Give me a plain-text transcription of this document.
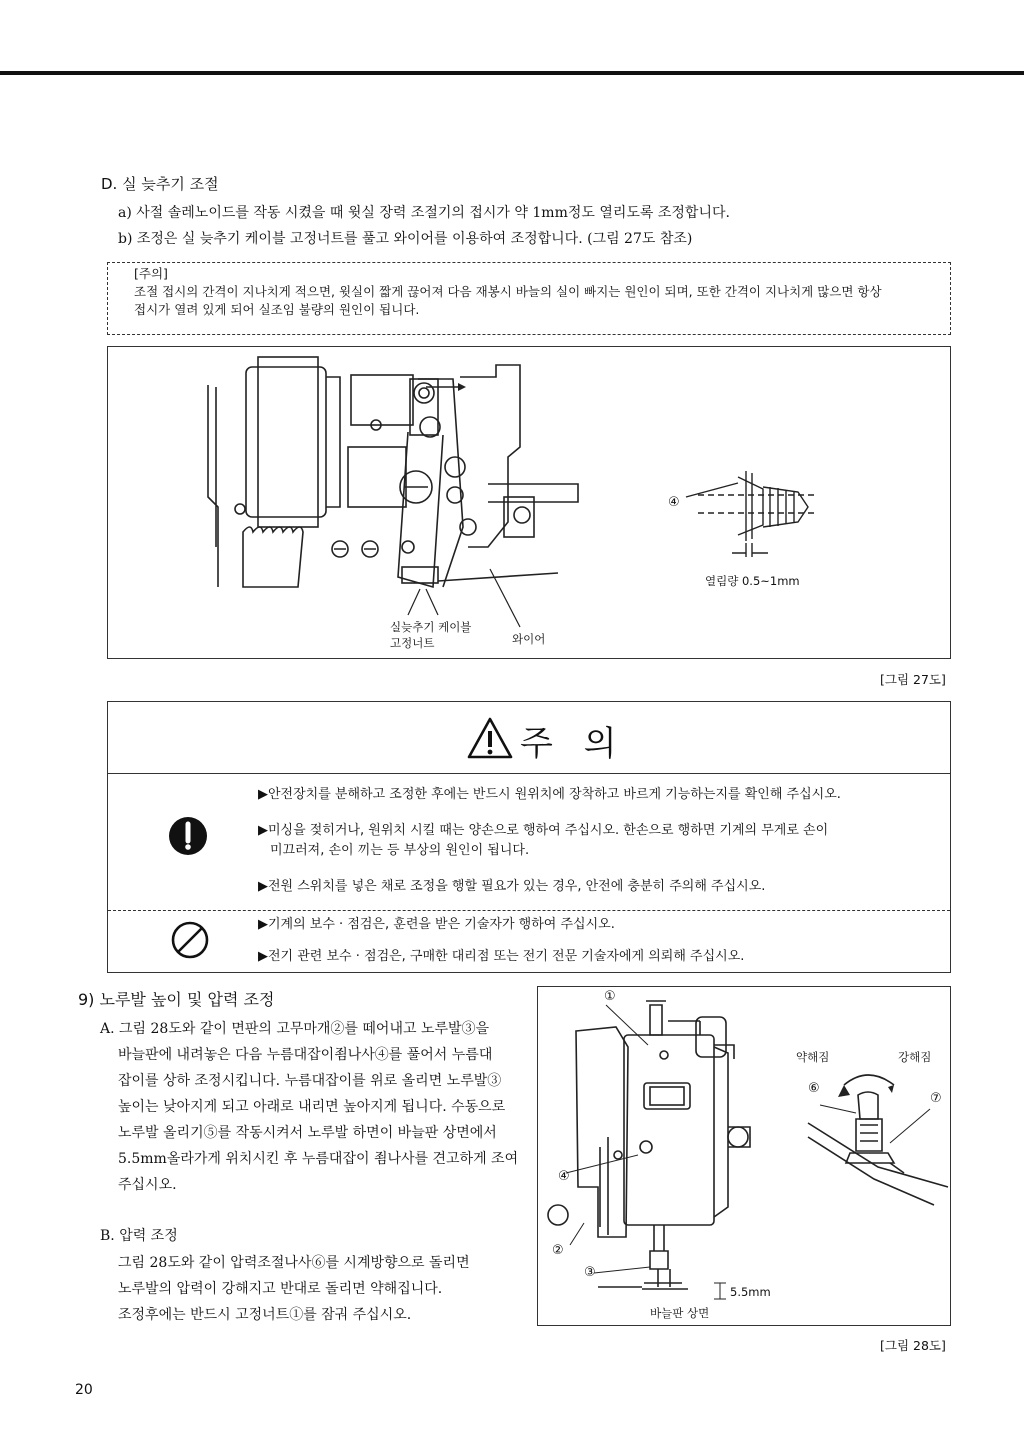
D. 실 늦추기 조절
a) 사절 솔레노이드를 작동 시켰을 때 윗실 장력 조절기의 접시가 약 1mm정도 열리도록 조정합니다.
b) 조정은 실 늦추기 케이블 고정너트를 풀고 와이어를 이용하여 조정합니다. (그림 27도 참조)
[주의]
조절 접시의 간격이 지나치게 적으면, 윗실이 짧게 끊어져 다음 재봉시 바늘의 실이 빠지는 원인이 되며, 또한 간격이 지나치게 많으면 항상
접시가 열려 있게 되어 실조임 불량의 원인이 됩니다.
④
열림량 0.5~1mm
실늦추기 케이블
고정너트	와이어
[그림 27도]
주 의
▶안전장치를 분해하고 조정한 후에는 반드시 원위치에 장착하고 바르게 기능하는지를 확인해 주십시오.
▶미싱을 젖히거나, 원위치 시킬 때는 양손으로 행하여 주십시오. 한손으로 행하면 기계의 무게로 손이
미끄러져, 손이 끼는 등 부상의 원인이 됩니다.
▶전원 스위치를 넣은 채로 조정을 행할 필요가 있는 경우, 안전에 충분히 주의해 주십시오.
▶기계의 보수 · 점검은, 훈련을 받은 기술자가 행하여 주십시오.
▶전기 관련 보수 · 점검은, 구매한 대리점 또는 전기 전문 기술자에게 의뢰해 주십시오.
9) 노루발 높이 및 압력 조정
A. 그림 28도와 같이 면판의 고무마개②를 떼어내고 노루발③을
바늘판에 내려놓은 다음 누름대잡이죔나사④를 풀어서 누름대
잡이를 상하 조정시킵니다. 누름대잡이를 위로 올리면 노루발③
높이는 낮아지게 되고 아래로 내리면 높아지게 됩니다. 수동으로
노루발 올리기⑤를 작동시켜서 노루발 하면이 바늘판 상면에서
5.5mm올라가게 위치시킨 후 누름대잡이 죔나사를 견고하게 조여
주십시오.
B. 압력 조정
그림 28도와 같이 압력조절나사⑥를 시계방향으로 돌리면
노루발의 압력이 강해지고 반대로 돌리면 약해집니다.
조정후에는 반드시 고정너트①를 잠궈 주십시오.
①
②
③
④
⑥
⑦
약해짐	강해짐
5.5mm
바늘판 상면
[그림 28도]
20
